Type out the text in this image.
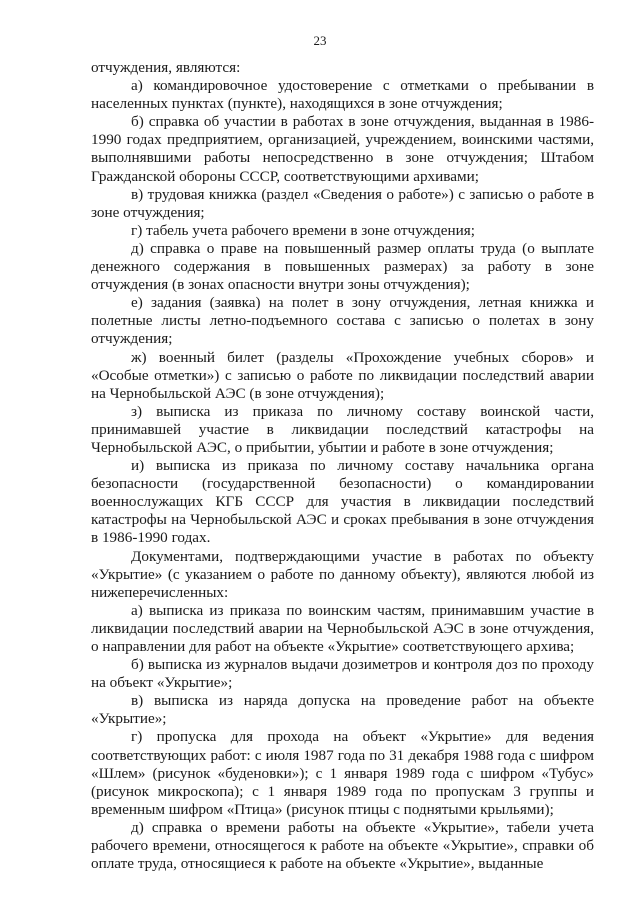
23

отчуждения, являются:

а) командировочное удостоверение с отметками о пребывании в населенных пунктах (пункте), находящихся в зоне отчуждения;

б) справка об участии в работах в зоне отчуждения, выданная в 1986-1990 годах предприятием, организацией, учреждением, воинскими частями, выполнявшими работы непосредственно в зоне отчуждения; Штабом Гражданской обороны СССР, соответствующими архивами;

в) трудовая книжка (раздел «Сведения о работе») с записью о работе в зоне отчуждения;

г) табель учета рабочего времени в зоне отчуждения;

д) справка о праве на повышенный размер оплаты труда (о выплате денежного содержания в повышенных размерах) за работу в зоне отчуждения (в зонах опасности внутри зоны отчуждения);

е) задания (заявка) на полет в зону отчуждения, летная книжка и полетные листы летно-подъемного состава с записью о полетах в зону отчуждения;

ж) военный билет (разделы «Прохождение учебных сборов» и «Особые отметки») с записью о работе по ликвидации последствий аварии на Чернобыльской АЭС (в зоне отчуждения);

з) выписка из приказа по личному составу воинской части, принимавшей участие в ликвидации последствий катастрофы на Чернобыльской АЭС, о прибытии, убытии и работе в зоне отчуждения;

и) выписка из приказа по личному составу начальника органа безопасности (государственной безопасности) о командировании военнослужащих КГБ СССР для участия в ликвидации последствий катастрофы на Чернобыльской АЭС и сроках пребывания в зоне отчуждения в 1986-1990 годах.

Документами, подтверждающими участие в работах по объекту «Укрытие» (с указанием о работе по данному объекту), являются любой из нижеперечисленных:

а) выписка из приказа по воинским частям, принимавшим участие в ликвидации последствий аварии на Чернобыльской АЭС в зоне отчуждения, о направлении для работ на объекте «Укрытие» соответствующего архива;

б) выписка из журналов выдачи дозиметров и контроля доз по проходу на объект «Укрытие»;

в) выписка из наряда допуска на проведение работ на объекте «Укрытие»;

г) пропуска для прохода на объект «Укрытие» для ведения соответствующих работ: с июля 1987 года по 31 декабря 1988 года с шифром «Шлем» (рисунок «буденовки»); с 1 января 1989 года с шифром «Тубус» (рисунок микроскопа); с 1 января 1989 года по пропускам 3 группы и временным шифром «Птица» (рисунок птицы с поднятыми крыльями);

д) справка о времени работы на объекте «Укрытие», табели учета рабочего времени, относящегося к работе на объекте «Укрытие», справки об оплате труда, относящиеся к работе на объекте «Укрытие», выданные
